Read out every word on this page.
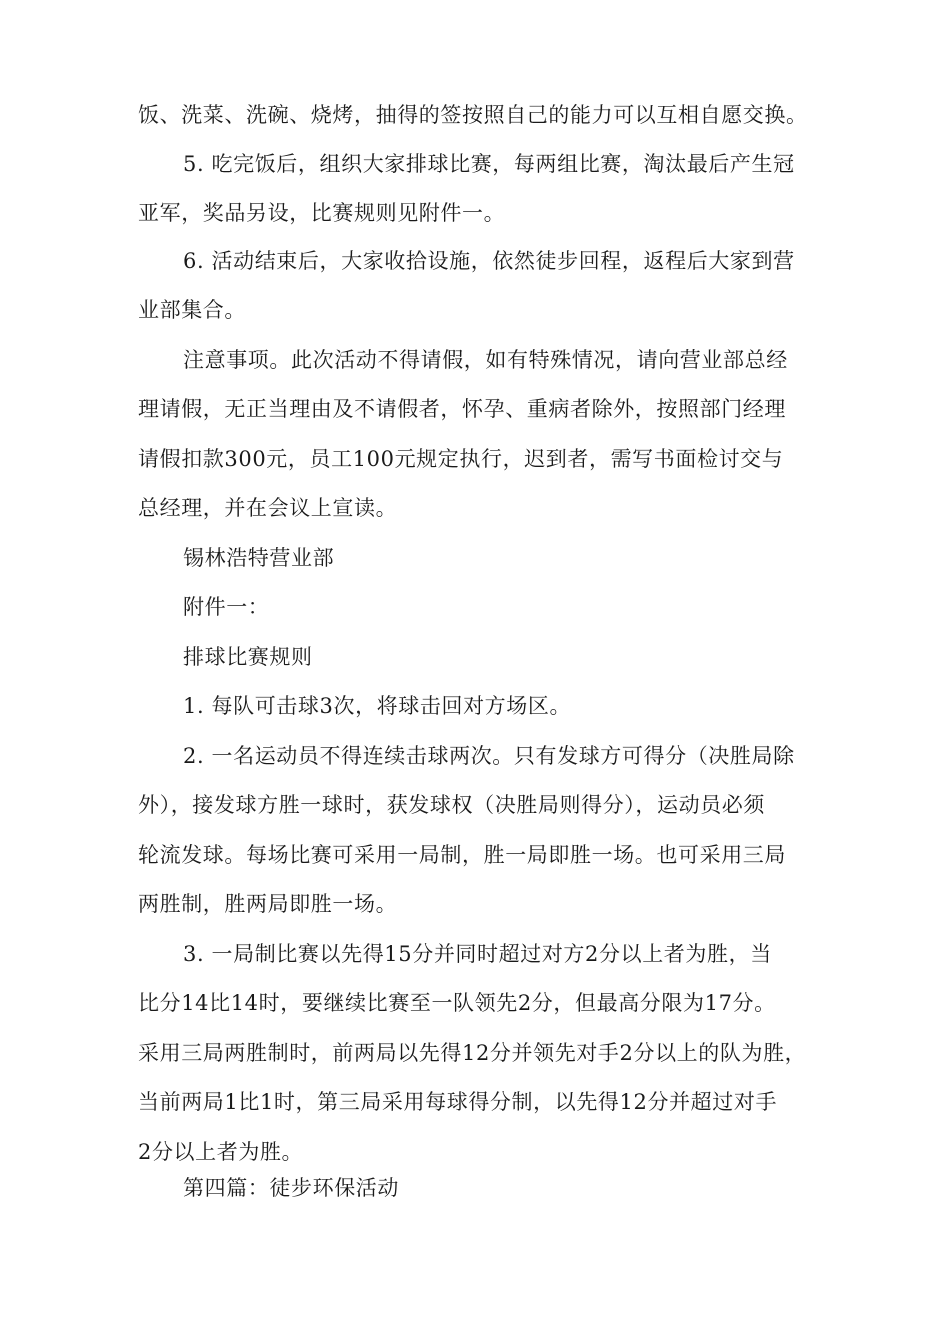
饭、洗菜、洗碗、烧烤，抽得的签按照自己的能力可以互相自愿交换。
5. 吃完饭后，组织大家排球比赛，每两组比赛，淘汰最后产生冠
亚军，奖品另设，比赛规则见附件一。
6. 活动结束后，大家收拾设施，依然徒步回程，返程后大家到营
业部集合。
注意事项。此次活动不得请假，如有特殊情况，请向营业部总经
理请假，无正当理由及不请假者，怀孕、重病者除外，按照部门经理
请假扣款300元，员工100元规定执行，迟到者，需写书面检讨交与
总经理，并在会议上宣读。
锡林浩特营业部
附件一：
排球比赛规则
1. 每队可击球3次，将球击回对方场区。
2. 一名运动员不得连续击球两次。只有发球方可得分（决胜局除
外），接发球方胜一球时，获发球权（决胜局则得分），运动员必须
轮流发球。每场比赛可采用一局制，胜一局即胜一场。也可采用三局
两胜制，胜两局即胜一场。
3. 一局制比赛以先得15分并同时超过对方2分以上者为胜，当
比分14比14时，要继续比赛至一队领先2分，但最高分限为17分。
采用三局两胜制时，前两局以先得12分并领先对手2分以上的队为胜，
当前两局1比1时，第三局采用每球得分制，以先得12分并超过对手
2分以上者为胜。
第四篇：徒步环保活动
